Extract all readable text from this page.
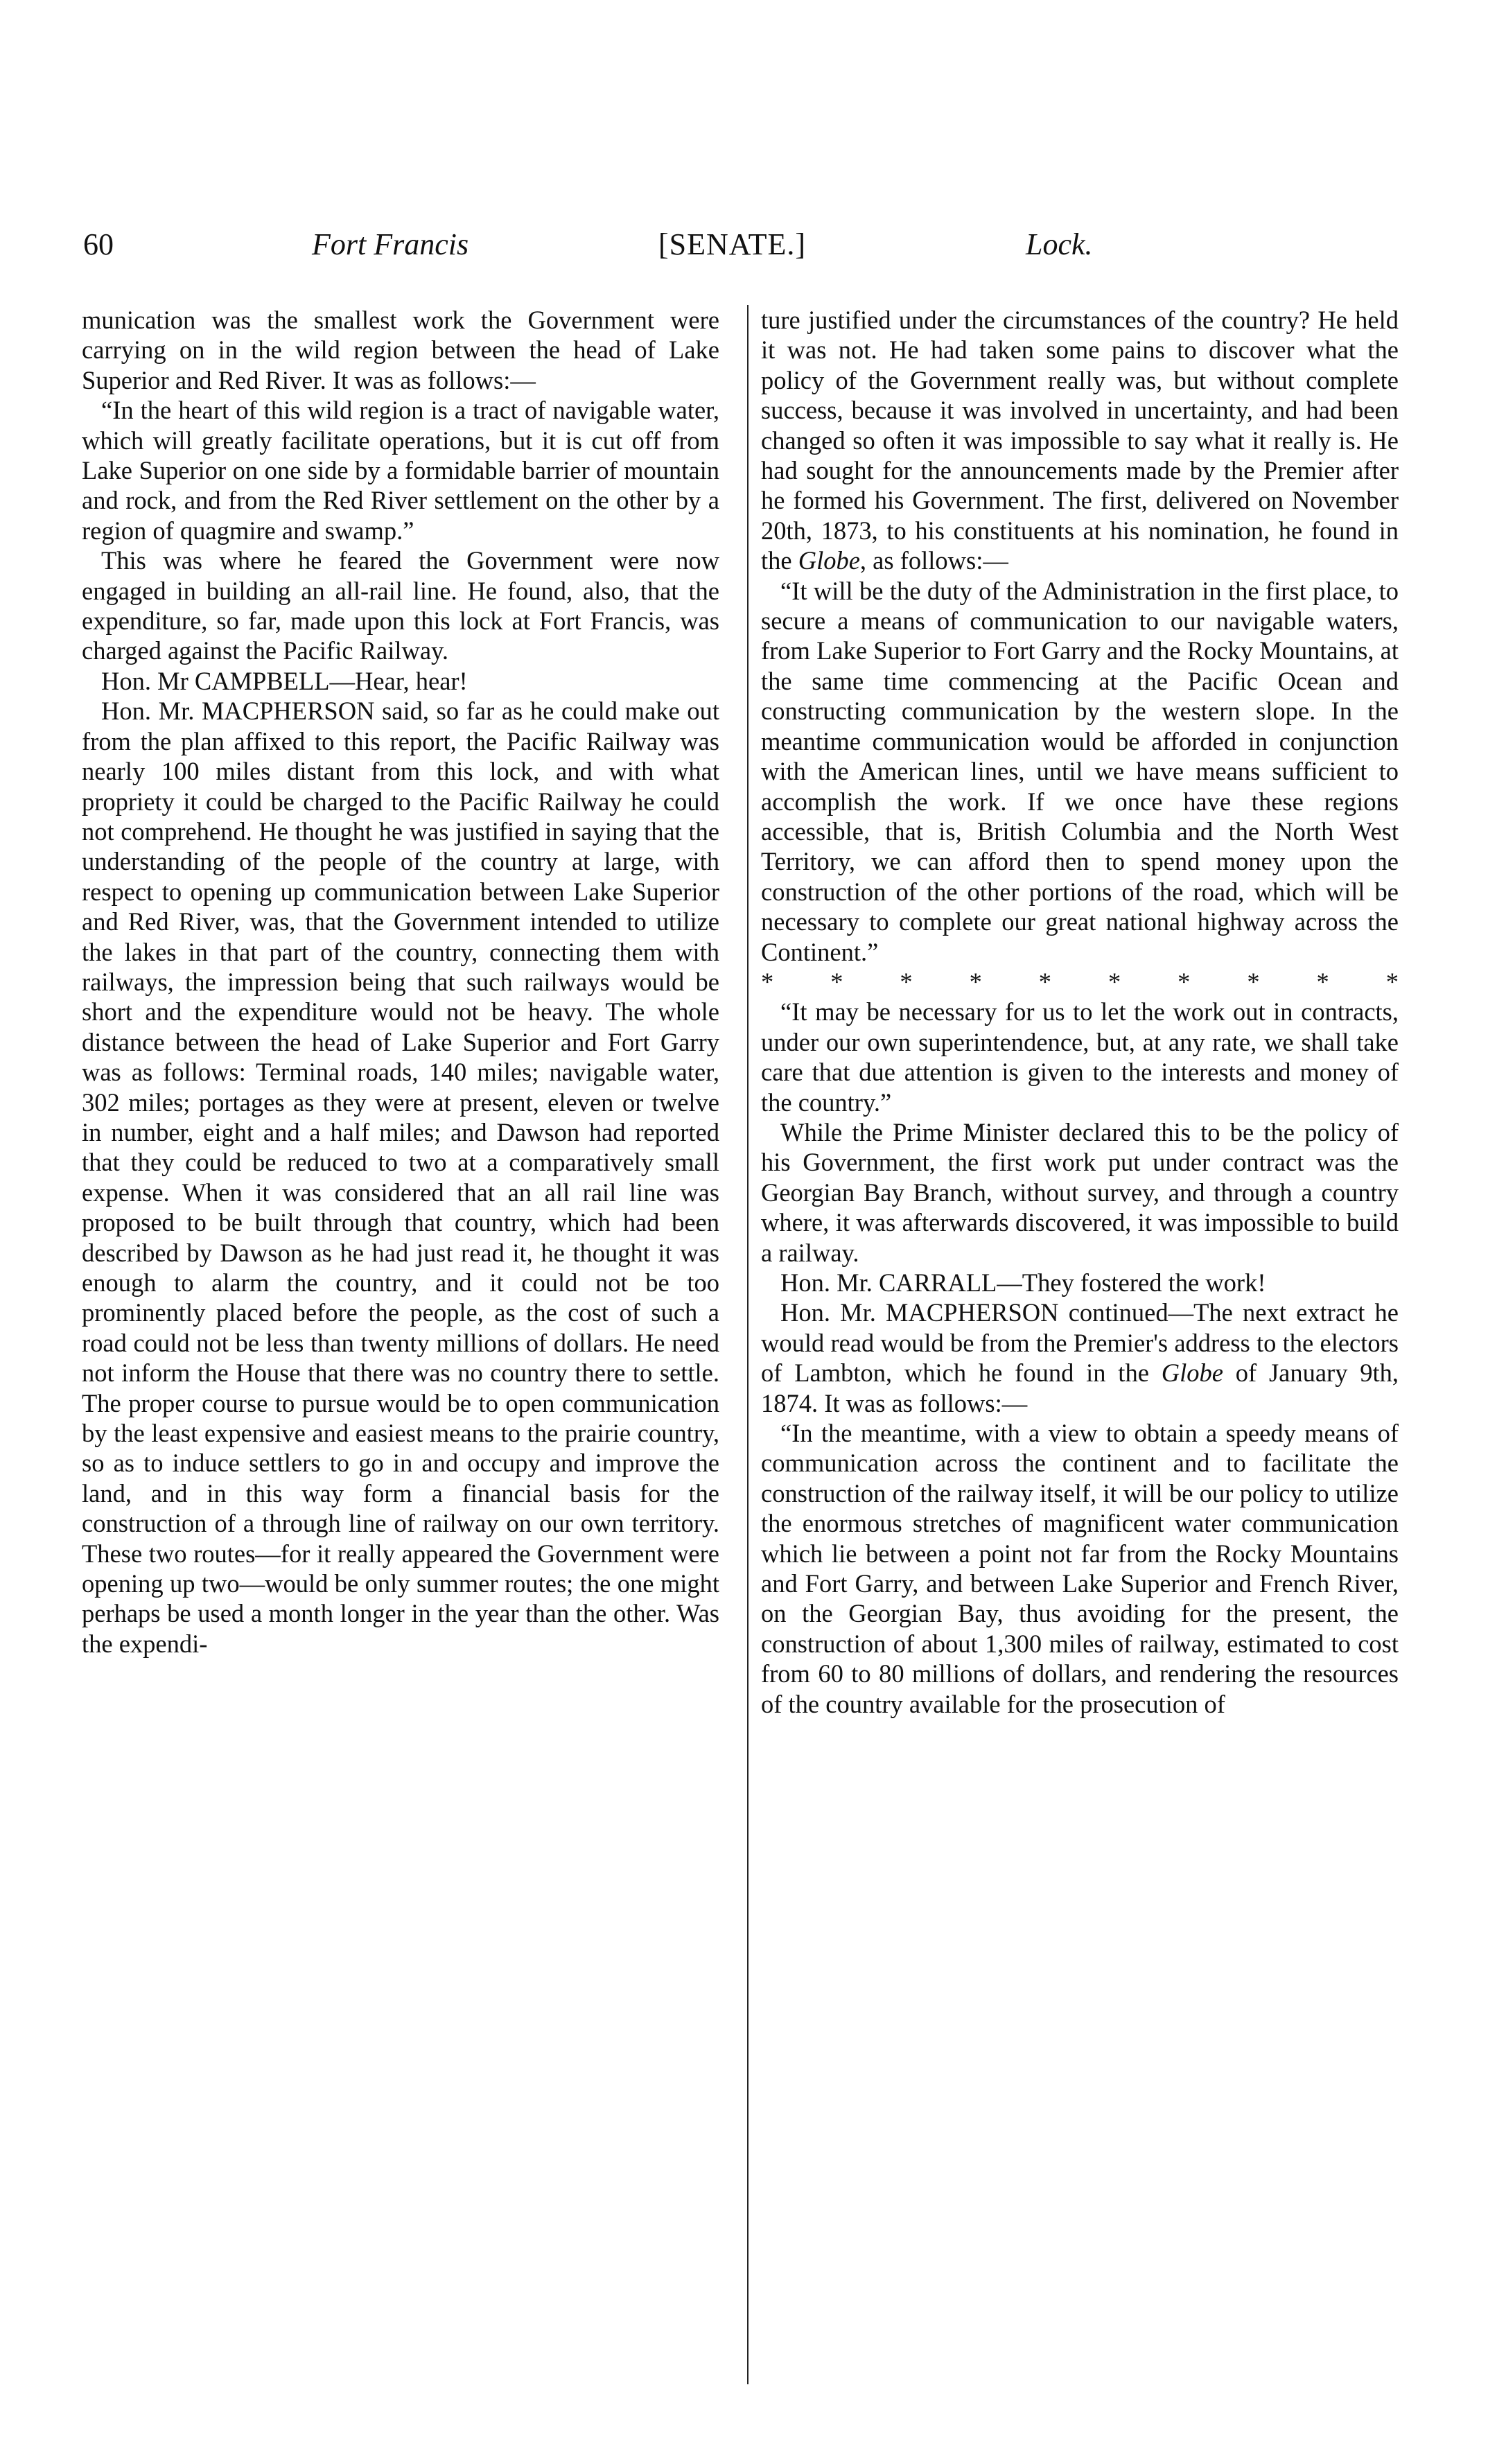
60	Fort Francis	[SENATE.]	Lock.

munication was the smallest work the Government were carrying on in the wild region between the head of Lake Superior and Red River. It was as follows:—

“In the heart of this wild region is a tract of navigable water, which will greatly facilitate operations, but it is cut off from Lake Superior on one side by a formidable barrier of mountain and rock, and from the Red River settlement on the other by a region of quagmire and swamp.”

This was where he feared the Government were now engaged in building an all-rail line. He found, also, that the expenditure, so far, made upon this lock at Fort Francis, was charged against the Pacific Railway.

Hon. Mr CAMPBELL—Hear, hear!

Hon. Mr. MACPHERSON said, so far as he could make out from the plan affixed to this report, the Pacific Railway was nearly 100 miles distant from this lock, and with what propriety it could be charged to the Pacific Railway he could not comprehend. He thought he was justified in saying that the understanding of the people of the country at large, with respect to opening up communication between Lake Superior and Red River, was, that the Government intended to utilize the lakes in that part of the country, connecting them with railways, the impression being that such railways would be short and the expenditure would not be heavy. The whole distance between the head of Lake Superior and Fort Garry was as follows: Terminal roads, 140 miles; navigable water, 302 miles; portages as they were at present, eleven or twelve in number, eight and a half miles; and Dawson had reported that they could be reduced to two at a comparatively small expense. When it was considered that an all rail line was proposed to be built through that country, which had been described by Dawson as he had just read it, he thought it was enough to alarm the country, and it could not be too prominently placed before the people, as the cost of such a road could not be less than twenty millions of dollars. He need not inform the House that there was no country there to settle. The proper course to pursue would be to open communication by the least expensive and easiest means to the prairie country, so as to induce settlers to go in and occupy and improve the land, and in this way form a financial basis for the construction of a through line of railway on our own territory. These two routes—for it really appeared the Government were opening up two—would be only summer routes; the one might perhaps be used a month longer in the year than the other. Was the expendi-

ture justified under the circumstances of the country? He held it was not. He had taken some pains to discover what the policy of the Government really was, but without complete success, because it was involved in uncertainty, and had been changed so often it was impossible to say what it really is. He had sought for the announcements made by the Premier after he formed his Government. The first, delivered on November 20th, 1873, to his constituents at his nomination, he found in the Globe, as follows:—

“It will be the duty of the Administration in the first place, to secure a means of communication to our navigable waters, from Lake Superior to Fort Garry and the Rocky Mountains, at the same time commencing at the Pacific Ocean and constructing communication by the western slope. In the meantime communication would be afforded in conjunction with the American lines, until we have means sufficient to accomplish the work. If we once have these regions accessible, that is, British Columbia and the North West Territory, we can afford then to spend money upon the construction of the other portions of the road, which will be necessary to complete our great national highway across the Continent.”

* * * * * * * * * *

“It may be necessary for us to let the work out in contracts, under our own superintendence, but, at any rate, we shall take care that due attention is given to the interests and money of the country.”

While the Prime Minister declared this to be the policy of his Government, the first work put under contract was the Georgian Bay Branch, without survey, and through a country where, it was afterwards discovered, it was impossible to build a railway.

Hon. Mr. CARRALL—They fostered the work!

Hon. Mr. MACPHERSON continued—The next extract he would read would be from the Premier's address to the electors of Lambton, which he found in the Globe of January 9th, 1874. It was as follows:—

“In the meantime, with a view to obtain a speedy means of communication across the continent and to facilitate the construction of the railway itself, it will be our policy to utilize the enormous stretches of magnificent water communication which lie between a point not far from the Rocky Mountains and Fort Garry, and between Lake Superior and French River, on the Georgian Bay, thus avoiding for the present, the construction of about 1,300 miles of railway, estimated to cost from 60 to 80 millions of dollars, and rendering the resources of the country available for the prosecution of
